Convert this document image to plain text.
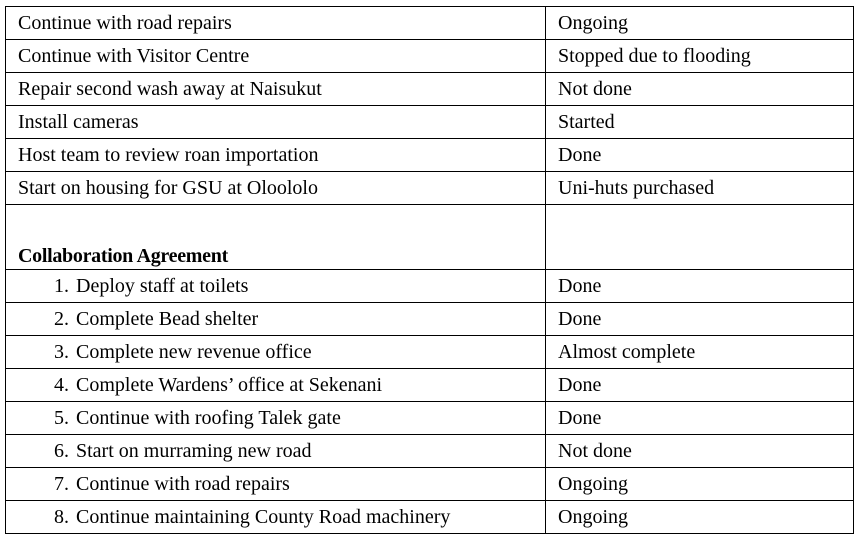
Continue with road repairs	Ongoing
Continue with Visitor Centre	Stopped due to flooding
Repair second wash away at Naisukut	Not done
Install cameras	Started
Host team to review roan importation	Done
Start on housing for GSU at Oloololo	Uni-huts purchased
Collaboration Agreement	
1. Deploy staff at toilets	Done
2. Complete Bead shelter	Done
3. Complete new revenue office	Almost complete
4. Complete Wardens’ office at Sekenani	Done
5. Continue with roofing Talek gate	Done
6. Start on murraming new road	Not done
7. Continue with road repairs	Ongoing
8. Continue maintaining County Road machinery	Ongoing
